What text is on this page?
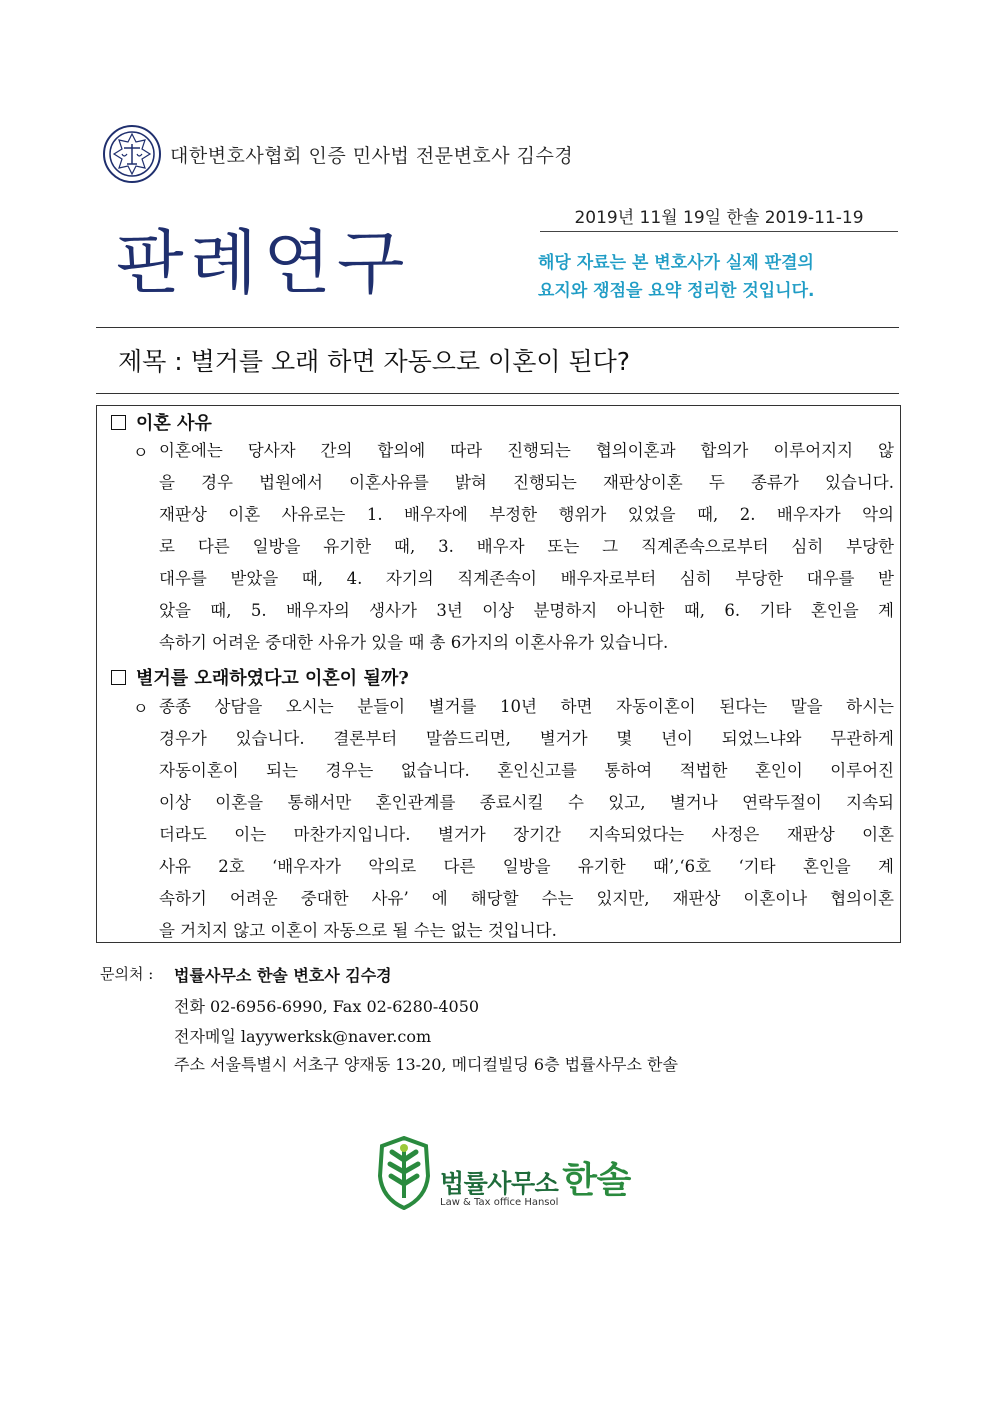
대한변호사협회 인증 민사법 전문변호사 김수경
2019년 11월 19일 한솔 2019-11-19
판례연구	해당 자료는 본 변호사가 실제 판결의
요지와 쟁점을 요약 정리한 것입니다.
제목 : 별거를 오래 하면 자동으로 이혼이 된다?
이혼 사유
ㅇ 이혼에는 당사자 간의 합의에 따라 진행되는 협의이혼과 합의가 이루어지지 않
을 경우 법원에서 이혼사유를 밝혀 진행되는 재판상이혼 두 종류가 있습니다.
재판상 이혼 사유로는 1. 배우자에 부정한 행위가 있었을 때, 2. 배우자가 악의
로 다른 일방을 유기한 때, 3. 배우자 또는 그 직계존속으로부터 심히 부당한
대우를 받았을 때, 4. 자기의 직계존속이 배우자로부터 심히 부당한 대우를 받
았을 때, 5. 배우자의 생사가 3년 이상 분명하지 아니한 때, 6. 기타 혼인을 계
속하기 어려운 중대한 사유가 있을 때 총 6가지의 이혼사유가 있습니다.
별거를 오래하였다고 이혼이 될까?
ㅇ 종종 상담을 오시는 분들이 별거를 10년 하면 자동이혼이 된다는 말을 하시는
경우가 있습니다. 결론부터 말씀드리면, 별거가 몇 년이 되었느냐와 무관하게
자동이혼이 되는 경우는 없습니다. 혼인신고를 통하여 적법한 혼인이 이루어진
이상 이혼을 통해서만 혼인관계를 종료시킬 수 있고, 별거나 연락두절이 지속되
더라도 이는 마찬가지입니다. 별거가 장기간 지속되었다는 사정은 재판상 이혼
사유 2호 ‘배우자가 악의로 다른 일방을 유기한 때’,‘6호 ‘기타 혼인을 계
속하기 어려운 중대한 사유’ 에 해당할 수는 있지만, 재판상 이혼이나 협의이혼
을 거치지 않고 이혼이 자동으로 될 수는 없는 것입니다.
문의처 : 법률사무소 한솔 변호사 김수경
전화 02-6956-6990, Fax 02-6280-4050
전자메일 layywerksk@naver.com
주소 서울특별시 서초구 양재동 13-20, 메디컬빌딩 6층 법률사무소 한솔
법률사무소 한솔
Law & Tax office Hansol
